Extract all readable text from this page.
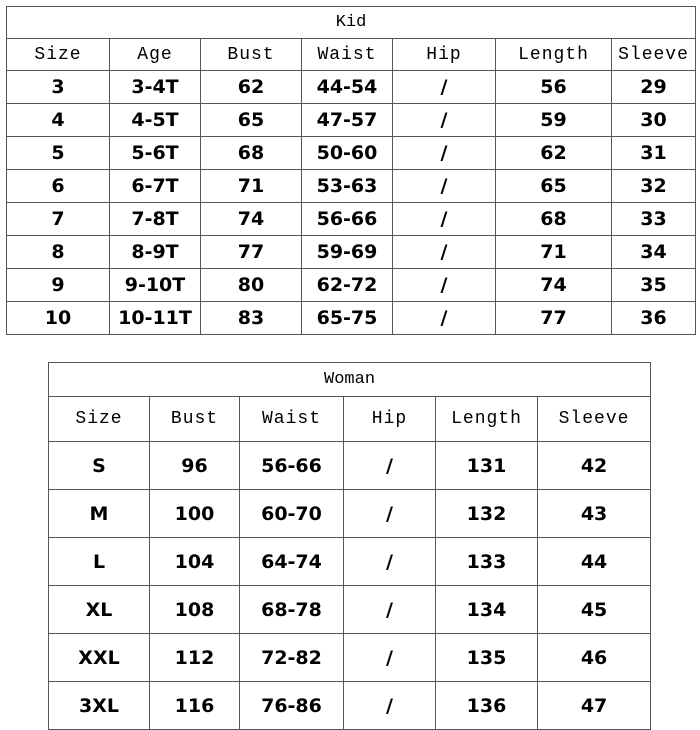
Kid						
Size	Age	Bust	Waist	Hip	Length	Sleeve
3	3-4T	62	44-54	/	56	29
4	4-5T	65	47-57	/	59	30
5	5-6T	68	50-60	/	62	31
6	6-7T	71	53-63	/	65	32
7	7-8T	74	56-66	/	68	33
8	8-9T	77	59-69	/	71	34
9	9-10T	80	62-72	/	74	35
10	10-11T	83	65-75	/	77	36
Woman					
Size	Bust	Waist	Hip	Length	Sleeve
S	96	56-66	/	131	42
M	100	60-70	/	132	43
L	104	64-74	/	133	44
XL	108	68-78	/	134	45
XXL	112	72-82	/	135	46
3XL	116	76-86	/	136	47
